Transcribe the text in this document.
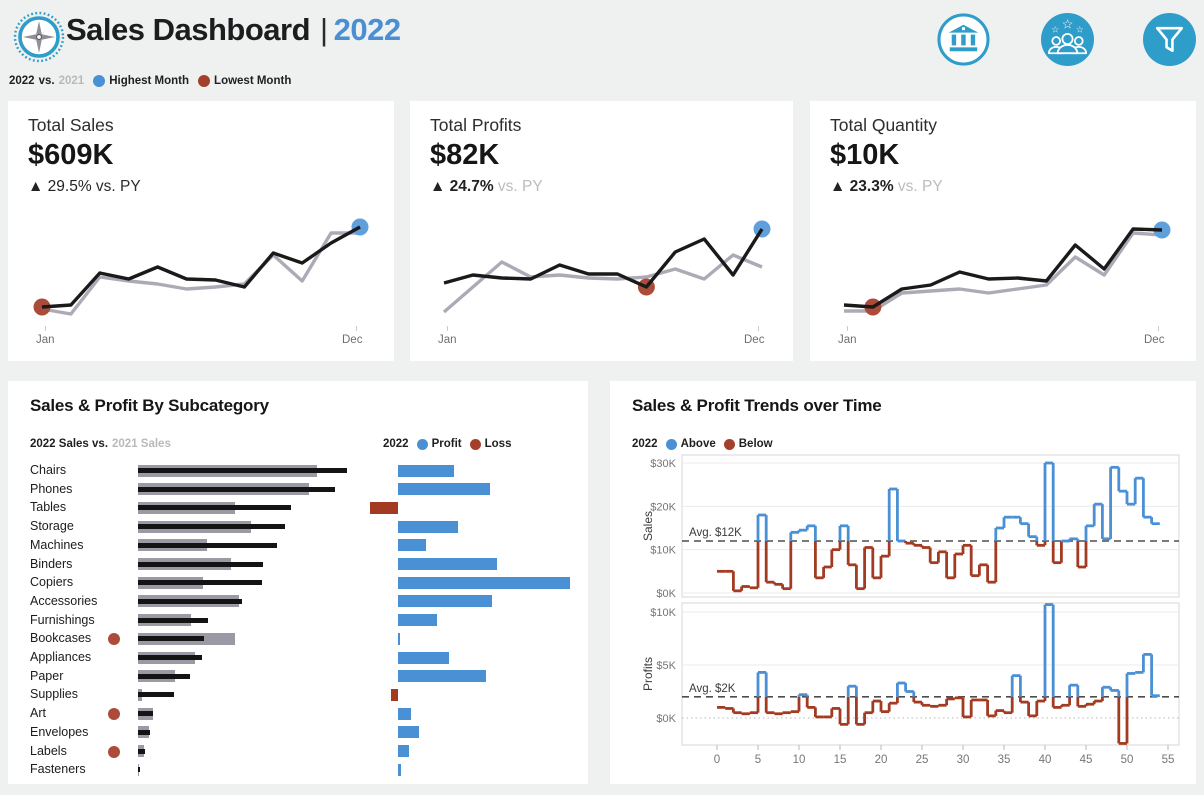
Sales Dashboard | 2022	☆
☆ ☆
2022 vs. 2021 Highest Month Lowest Month
Total Sales
$609K
▲ 29.5% vs. PY
Jan	Dec
Total Profits
$82K
▲ 24.7% vs. PY
Jan	Dec
Total Quantity
$10K
▲ 23.3% vs. PY
Jan	Dec
Sales & Profit By Subcategory
2022 Sales vs. 2021 Sales	2022 Profit Loss
Chairs
Phones
Tables
Storage
Machines
Binders
Copiers
Accessories
Furnishings
Bookcases
Appliances
Paper
Supplies
Art
Envelopes
Labels
Fasteners
Sales & Profit Trends over Time
2022 Above Below
$0K
$10K
$20K
$30K
Sales	Avg. $12K
$0K
$5K
$10K
Profits	Avg. $2K
0	5	10 15 20 25 30 35 40 45 50 55
